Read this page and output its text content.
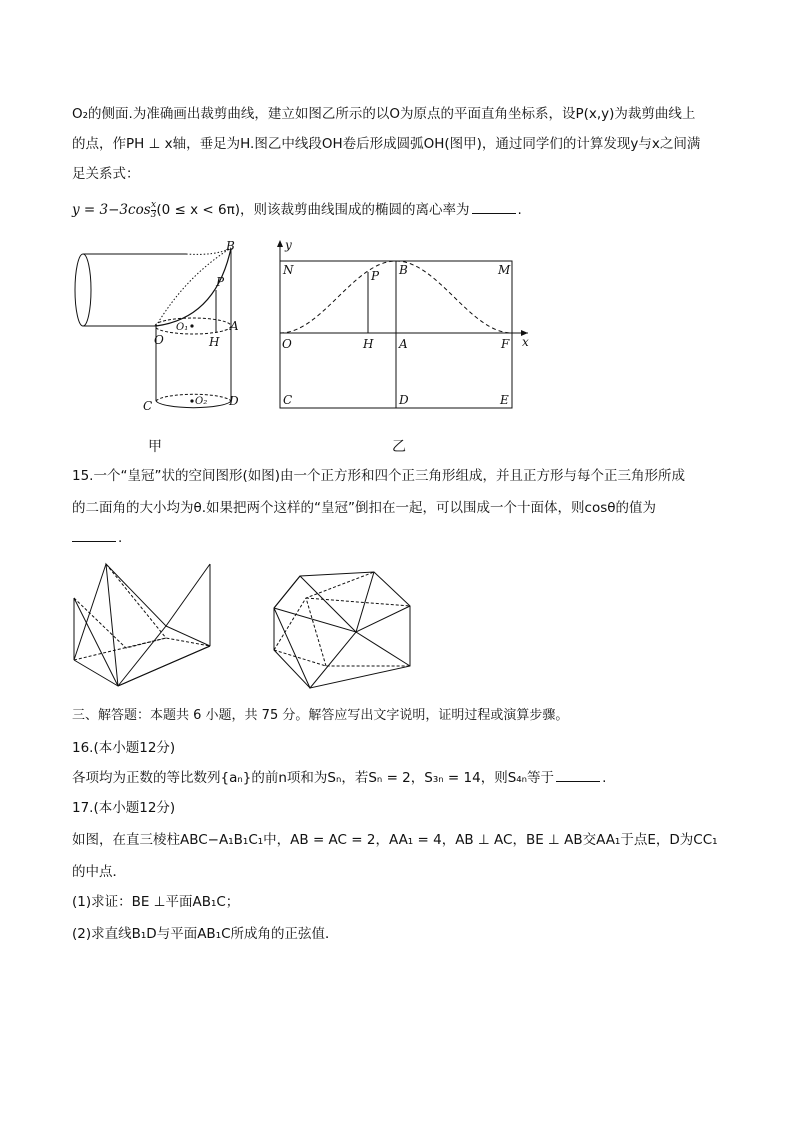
O₂的侧面.为准确画出裁剪曲线，建立如图乙所示的以O为原点的平面直角坐标系，设P(x,y)为裁剪曲线上
的点，作PH ⊥ x轴，垂足为H.图乙中线段OH卷后形成圆弧OH(图甲)，通过同学们的计算发现y与x之间满
足关系式：
$y = 3-3\cos \frac{x}{3} (0 \le x < 6\pi)$，则该裁剪曲线围成的椭圆的离心率为	.
B
P
A
O
O₁
H
C	D
O₂
甲
y
N	P B	M
O	H A	F x
C	D	E
乙
15.一个“皇冠”状的空间图形(如图)由一个正方形和四个正三角形组成，并且正方形与每个正三角形所成
的二面角的大小均为θ.如果把两个这样的“皇冠”倒扣在一起，可以围成一个十面体，则cosθ的值为
.
三、解答题：本题共 6 小题，共 75 分。解答应写出文字说明，证明过程或演算步骤。
16.(本小题12分)
各项均为正数的等比数列{aₙ}的前n项和为Sₙ，若Sₙ = 2，S₃ₙ = 14，则S₄ₙ等于	.
17.(本小题12分)
如图，在直三棱柱ABC−A₁B₁C₁中，AB = AC = 2，AA₁ = 4，AB ⊥ AC，BE ⊥ AB交AA₁于点E，D为CC₁
的中点．
(1)求证：BE ⊥平面AB₁C；
(2)求直线B₁D与平面AB₁C所成角的正弦值．
